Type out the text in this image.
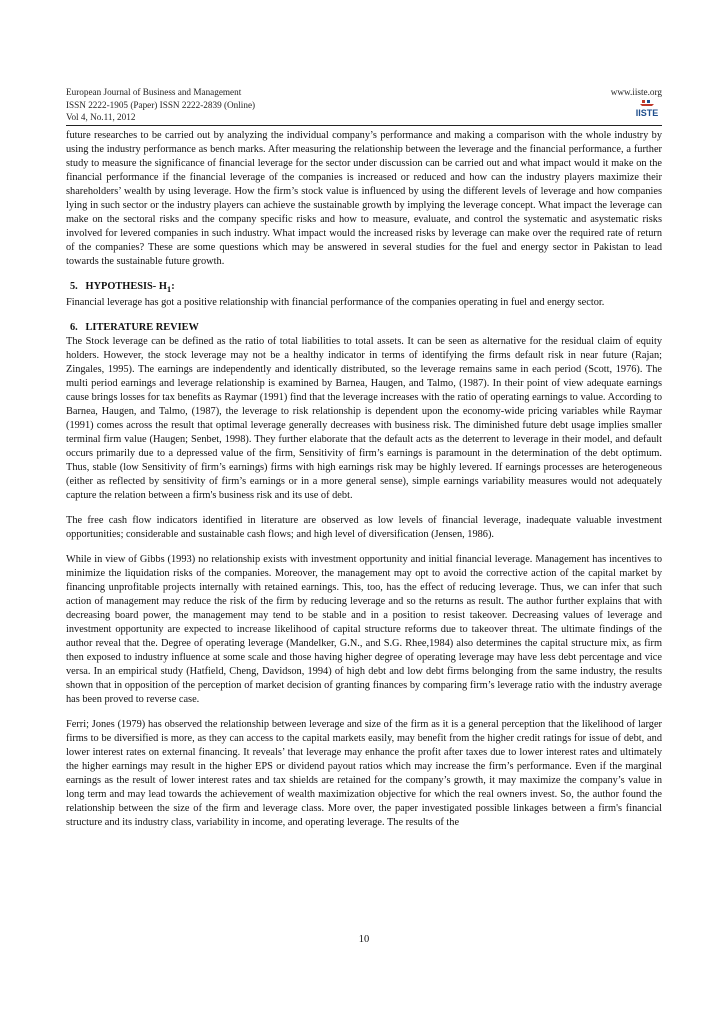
European Journal of Business and Management
ISSN 2222-1905 (Paper) ISSN 2222-2839 (Online)
Vol 4, No.11, 2012
www.iiste.org
IISTE

future researches to be carried out by analyzing the individual company’s performance and making a comparison with the whole industry by using the industry performance as bench marks. After measuring the relationship between the leverage and the financial performance, a further study to measure the significance of financial leverage for the sector under discussion can be carried out and what impact would it make on the financial performance if the financial leverage of the companies is increased or reduced and how can the industry players maximize their shareholders’ wealth by using leverage. How the firm’s stock value is influenced by using the different levels of leverage and how companies lying in such sector or the industry players can achieve the sustainable growth by implying the leverage concept. What impact the leverage can make on the sectoral risks and the company specific risks and how to measure, evaluate, and control the systematic and asystematic risks involved for levered companies in such industry. What impact would the increased risks by leverage can make over the required rate of return of the companies? These are some questions which may be answered in several studies for the fuel and energy sector in Pakistan to lead towards the sustainable future growth.

5. HYPOTHESIS- $H_1$:

Financial leverage has got a positive relationship with financial performance of the companies operating in fuel and energy sector.

6. LITERATURE REVIEW

The Stock leverage can be defined as the ratio of total liabilities to total assets. It can be seen as alternative for the residual claim of equity holders. However, the stock leverage may not be a healthy indicator in terms of identifying the firms default risk in near future (Rajan; Zingales, 1995). The earnings are independently and identically distributed, so the leverage remains same in each period (Scott, 1976). The multi period earnings and leverage relationship is examined by Barnea, Haugen, and Talmo, (1987). In their point of view adequate earnings cause brings losses for tax benefits as Raymar (1991) find that the leverage increases with the ratio of operating earnings to value. According to Barnea, Haugen, and Talmo, (1987), the leverage to risk relationship is dependent upon the economy-wide pricing variables while Raymar (1991) comes across the result that optimal leverage generally decreases with business risk. The diminished future debt usage implies smaller terminal firm value (Haugen; Senbet, 1998). They further elaborate that the default acts as the deterrent to leverage in their model, and default occurs primarily due to a depressed value of the firm, Sensitivity of firm’s earnings is paramount in the determination of the debt optimum. Thus, stable (low Sensitivity of firm’s earnings) firms with high earnings risk may be highly levered. If earnings processes are heterogeneous (either as reflected by sensitivity of firm’s earnings or in a more general sense), simple earnings variability measures would not adequately capture the relation between a firm's business risk and its use of debt.

The free cash flow indicators identified in literature are observed as low levels of financial leverage, inadequate valuable investment opportunities; considerable and sustainable cash flows; and high level of diversification (Jensen, 1986).

While in view of Gibbs (1993) no relationship exists with investment opportunity and initial financial leverage. Management has incentives to minimize the liquidation risks of the companies. Moreover, the management may opt to avoid the corrective action of the capital market by financing unprofitable projects internally with retained earnings. This, too, has the effect of reducing leverage. Thus, we can infer that such action of management may reduce the risk of the firm by reducing leverage and so the returns as result. The author further explains that with decreasing board power, the management may tend to be stable and in a position to resist takeover. Decreasing values of leverage and investment opportunity are expected to increase likelihood of capital structure reforms due to takeover threat. The ultimate findings of the author reveal that the. Degree of operating leverage (Mandelker, G.N., and S.G. Rhee,1984) also determines the capital structure mix, as firm then exposed to industry influence at some scale and those having higher degree of operating leverage may have less debt percentage and vice versa. In an empirical study (Hatfield, Cheng, Davidson, 1994) of high debt and low debt firms belonging from the same industry, the results shown that in opposition of the perception of market decision of granting finances by comparing firm’s leverage ratio with the industry average has been proved to reverse case.

Ferri; Jones (1979) has observed the relationship between leverage and size of the firm as it is a general perception that the likelihood of larger firms to be diversified is more, as they can access to the capital markets easily, may benefit from the higher credit ratings for issue of debt, and lower interest rates on external financing. It reveals’ that leverage may enhance the profit after taxes due to lower interest rates and ultimately the higher earnings may result in the higher EPS or dividend payout ratios which may increase the firm’s performance. Even if the marginal earnings as the result of lower interest rates and tax shields are retained for the company’s growth, it may maximize the company’s value in long term and may lead towards the achievement of wealth maximization objective for which the real owners invest. So, the author found the relationship between the size of the firm and leverage class. More over, the paper investigated possible linkages between a firm's financial structure and its industry class, variability in income, and operating leverage. The results of the

10
